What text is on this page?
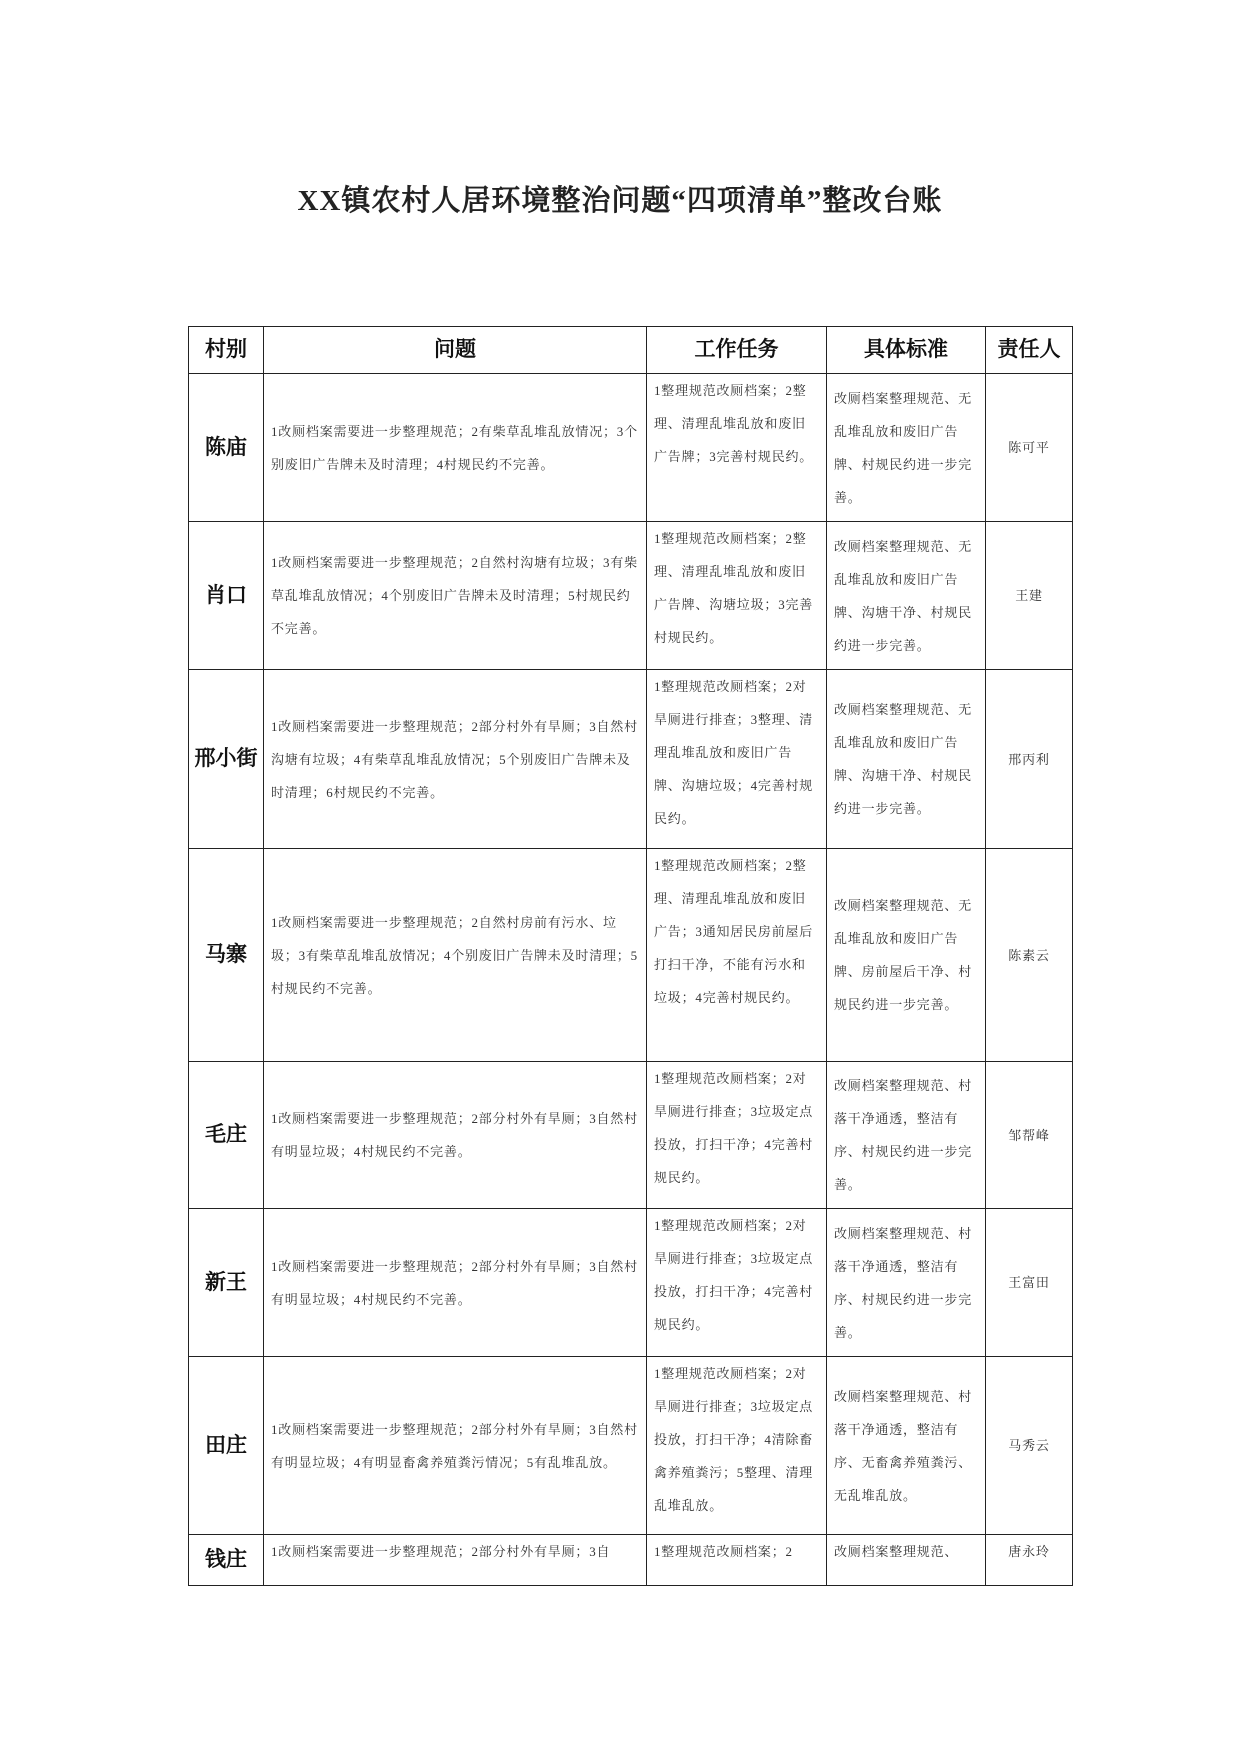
XX镇农村人居环境整治问题“四项清单”整改台账
村别	问题	工作任务	具体标准	责任人
陈庙	1改厕档案需要进一步整理规范；2有柴草乱堆乱放情况；3个别废旧广告牌未及时清理；4村规民约不完善。	1整理规范改厕档案；2整理、清理乱堆乱放和废旧广告牌；3完善村规民约。	改厕档案整理规范、无乱堆乱放和废旧广告牌、村规民约进一步完善。	陈可平
肖口	1改厕档案需要进一步整理规范；2自然村沟塘有垃圾；3有柴草乱堆乱放情况；4个别废旧广告牌未及时清理；5村规民约不完善。	1整理规范改厕档案；2整理、清理乱堆乱放和废旧广告牌、沟塘垃圾；3完善村规民约。	改厕档案整理规范、无乱堆乱放和废旧广告牌、沟塘干净、村规民约进一步完善。	王建
邢小街	1改厕档案需要进一步整理规范；2部分村外有旱厕；3自然村沟塘有垃圾；4有柴草乱堆乱放情况；5个别废旧广告牌未及时清理；6村规民约不完善。	1整理规范改厕档案；2对旱厕进行排查；3整理、清理乱堆乱放和废旧广告牌、沟塘垃圾；4完善村规民约。	改厕档案整理规范、无乱堆乱放和废旧广告牌、沟塘干净、村规民约进一步完善。	邢丙利
马寨	1改厕档案需要进一步整理规范；2自然村房前有污水、垃圾；3有柴草乱堆乱放情况；4个别废旧广告牌未及时清理；5村规民约不完善。	1整理规范改厕档案；2整理、清理乱堆乱放和废旧广告；3通知居民房前屋后打扫干净，不能有污水和垃圾；4完善村规民约。	改厕档案整理规范、无乱堆乱放和废旧广告牌、房前屋后干净、村规民约进一步完善。	陈素云
毛庄	1改厕档案需要进一步整理规范；2部分村外有旱厕；3自然村有明显垃圾；4村规民约不完善。	1整理规范改厕档案；2对旱厕进行排查；3垃圾定点投放，打扫干净；4完善村规民约。	改厕档案整理规范、村落干净通透，整洁有序、村规民约进一步完善。	邹帮峰
新王	1改厕档案需要进一步整理规范；2部分村外有旱厕；3自然村有明显垃圾；4村规民约不完善。	1整理规范改厕档案；2对旱厕进行排查；3垃圾定点投放，打扫干净；4完善村规民约。	改厕档案整理规范、村落干净通透，整洁有序、村规民约进一步完善。	王富田
田庄	1改厕档案需要进一步整理规范；2部分村外有旱厕；3自然村有明显垃圾；4有明显畜禽养殖粪污情况；5有乱堆乱放。	1整理规范改厕档案；2对旱厕进行排查；3垃圾定点投放，打扫干净；4清除畜禽养殖粪污；5整理、清理乱堆乱放。	改厕档案整理规范、村落干净通透，整洁有序、无畜禽养殖粪污、无乱堆乱放。	马秀云
钱庄	1改厕档案需要进一步整理规范；2部分村外有旱厕；3自	1整理规范改厕档案；2	改厕档案整理规范、	唐永玲
